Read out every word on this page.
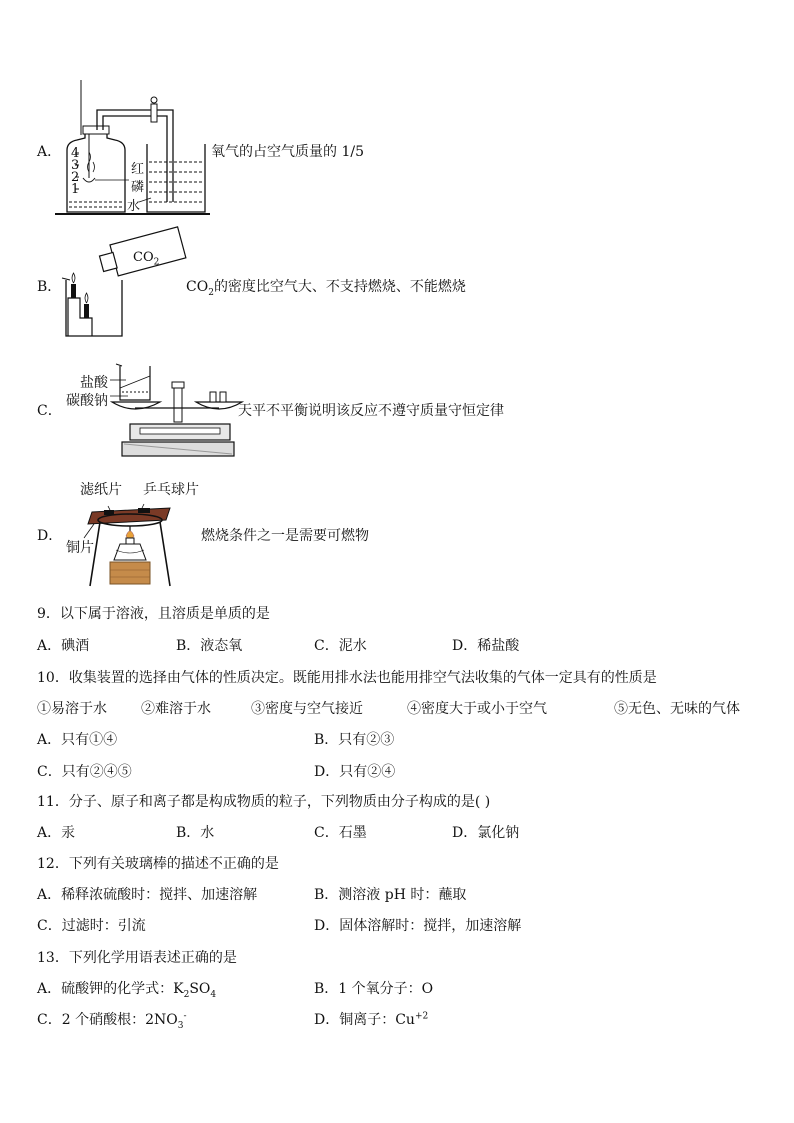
A． 4
3
2
1
红
磷
水
氧气的占空气质量的 1/5
B．
$CO_2$
$CO_2$的密度比空气大、不支持燃烧、不能燃烧
C．
盐酸
碳酸钠
天平不平衡说明该反应不遵守质量守恒定律
D．
滤纸片 乒乓球片
铜片
燃烧条件之一是需要可燃物
9．以下属于溶液，且溶质是单质的是
A．碘酒	B．液态氧	C．泥水	D．稀盐酸
10．收集装置的选择由气体的性质决定。既能用排水法也能用排空气法收集的气体一定具有的性质是
①易溶于水 ②难溶于水	③密度与空气接近	④密度大于或小于空气	⑤无色、无味的气体
A．只有①④	B．只有②③
C．只有②④⑤	D．只有②④
11．分子、原子和离子都是构成物质的粒子，下列物质由分子构成的是( )
A．汞	B．水	C．石墨	D．氯化钠
12．下列有关玻璃棒的描述不正确的是
A．稀释浓硫酸时：搅拌、加速溶解	B．测溶液 pH 时：蘸取
C．过滤时：引流	D．固体溶解时：搅拌，加速溶解
13．下列化学用语表述正确的是
A．硫酸钾的化学式：$K_2SO_4$	B．1 个氧分子：O
C．2 个硝酸根：$2NO_3^-$	D．铜离子：$Cu^{+2}$
